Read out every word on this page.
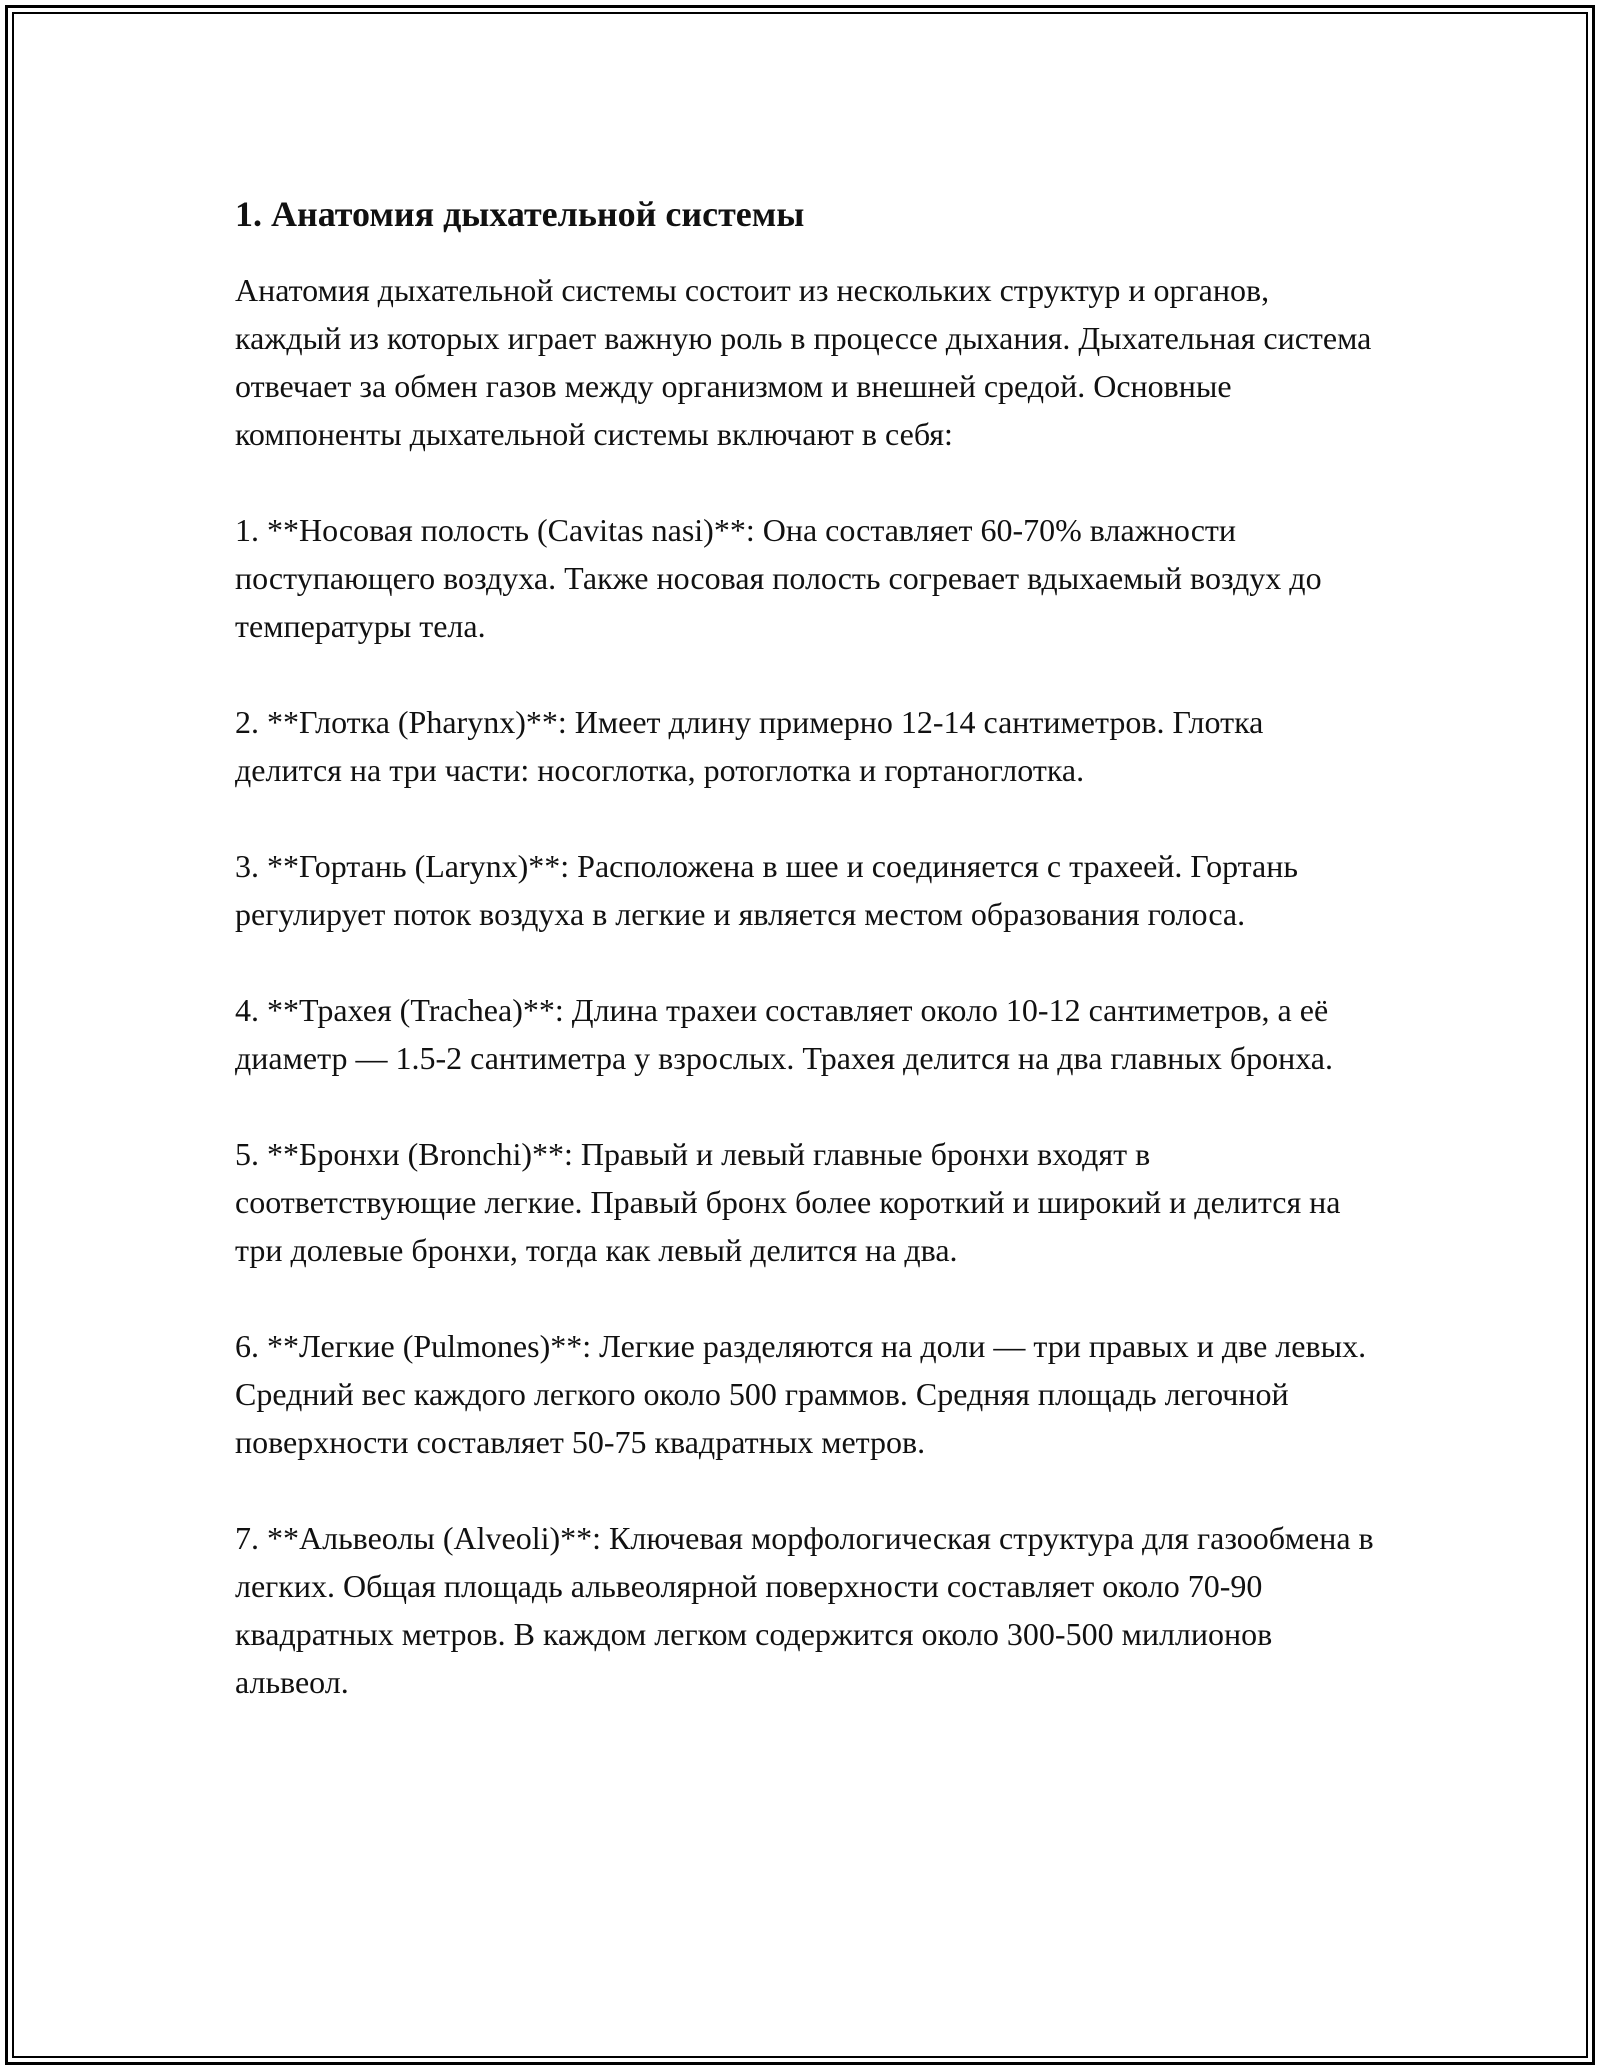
1. Анатомия дыхательной системы

Анатомия дыхательной системы состоит из нескольких структур и органов, каждый из которых играет важную роль в процессе дыхания. Дыхательная система отвечает за обмен газов между организмом и внешней средой. Основные компоненты дыхательной системы включают в себя:

1. **Носовая полость (Cavitas nasi)**: Она составляет 60-70% влажности поступающего воздуха. Также носовая полость согревает вдыхаемый воздух до температуры тела.

2. **Глотка (Pharynx)**: Имеет длину примерно 12-14 сантиметров. Глотка делится на три части: носоглотка, ротоглотка и гортаноглотка.

3. **Гортань (Larynx)**: Расположена в шее и соединяется с трахеей. Гортань регулирует поток воздуха в легкие и является местом образования голоса.

4. **Трахея (Trachea)**: Длина трахеи составляет около 10-12 сантиметров, а её диаметр — 1.5-2 сантиметра у взрослых. Трахея делится на два главных бронха.

5. **Бронхи (Bronchi)**: Правый и левый главные бронхи входят в соответствующие легкие. Правый бронх более короткий и широкий и делится на три долевые бронхи, тогда как левый делится на два.

6. **Легкие (Pulmones)**: Легкие разделяются на доли — три правых и две левых. Средний вес каждого легкого около 500 граммов. Средняя площадь легочной поверхности составляет 50-75 квадратных метров.

7. **Альвеолы (Alveoli)**: Ключевая морфологическая структура для газообмена в легких. Общая площадь альвеолярной поверхности составляет около 70-90 квадратных метров. В каждом легком содержится около 300-500 миллионов альвеол.
